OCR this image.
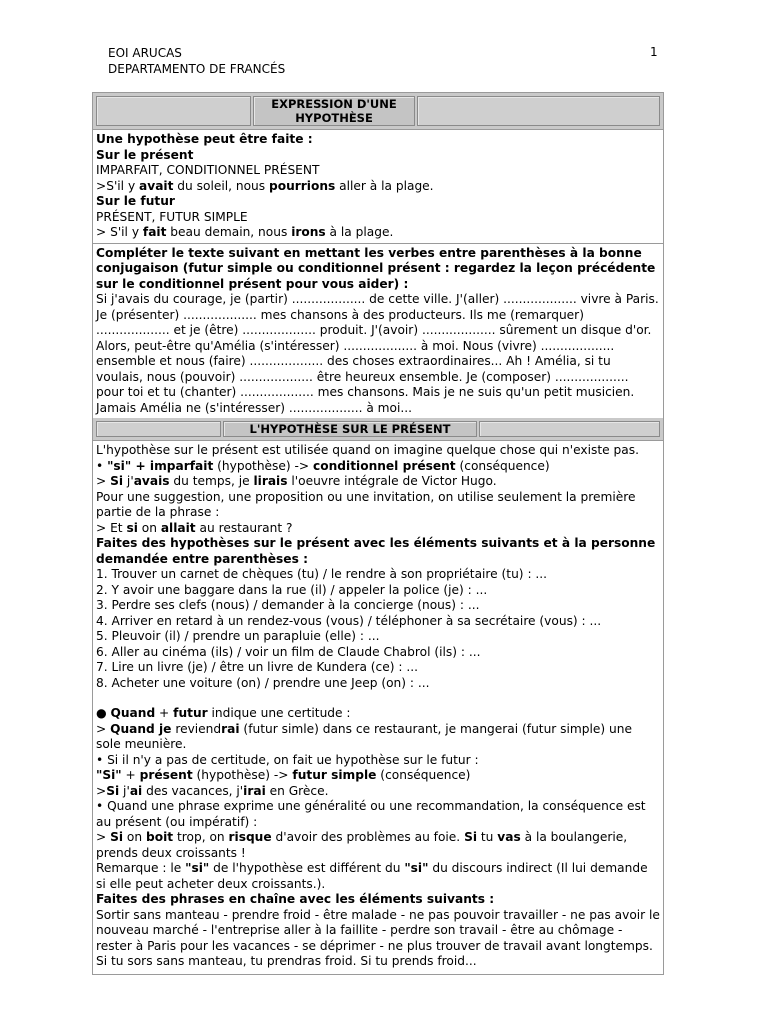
EOI ARUCAS
DEPARTAMENTO DE FRANCÉS
1
EXPRESSION D'UNE HYPOTHÈSE

Une hypothèse peut être faite :

Sur le présent

IMPARFAIT, CONDITIONNEL PRÉSENT

>S'il y avait du soleil, nous pourrions aller à la plage.

Sur le futur

PRÉSENT, FUTUR SIMPLE

> S'il y fait beau demain, nous irons à la plage.

Compléter le texte suivant en mettant les verbes entre parenthèses à la bonne conjugaison (futur simple ou conditionnel présent : regardez la leçon précédente sur le conditionnel présent pour vous aider) :

Si j'avais du courage, je (partir) ................... de cette ville. J'(aller) ................... vivre à Paris. Je (présenter) ................... mes chansons à des producteurs. Ils me (remarquer) ................... et je (être) ................... produit. J'(avoir) ................... sûrement un disque d'or. Alors, peut-être qu'Amélia (s'intéresser) ................... à moi. Nous (vivre) ................... ensemble et nous (faire) ................... des choses extraordinaires... Ah ! Amélia, si tu voulais, nous (pouvoir) ................... être heureux ensemble. Je (composer) ................... pour toi et tu (chanter) ................... mes chansons. Mais je ne suis qu'un petit musicien. Jamais Amélia ne (s'intéresser) ................... à moi...

L'HYPOTHÈSE SUR LE PRÉSENT

L'hypothèse sur le présent est utilisée quand on imagine quelque chose qui n'existe pas.

• "si" + imparfait (hypothèse) -> conditionnel présent (conséquence)

> Si j'avais du temps, je lirais l'oeuvre intégrale de Victor Hugo.

Pour une suggestion, une proposition ou une invitation, on utilise seulement la première partie de la phrase :

> Et si on allait au restaurant ?

Faites des hypothèses sur le présent avec les éléments suivants et à la personne demandée entre parenthèses :

1. Trouver un carnet de chèques (tu) / le rendre à son propriétaire (tu) : ...

2. Y avoir une baggare dans la rue (il) / appeler la police (je) : ...

3. Perdre ses clefs (nous) / demander à la concierge (nous) : ...

4. Arriver en retard à un rendez-vous (vous) / téléphoner à sa secrétaire (vous) : ...

5. Pleuvoir (il) / prendre un parapluie (elle) : ...

6. Aller au cinéma (ils) / voir un film de Claude Chabrol (ils) : ...

7. Lire un livre (je) / être un livre de Kundera (ce) : ...

8. Acheter une voiture (on) / prendre une Jeep (on) : ...

● Quand + futur indique une certitude :

> Quand je reviendrai (futur simle) dans ce restaurant, je mangerai (futur simple) une sole meunière.

• Si il n'y a pas de certitude, on fait ue hypothèse sur le futur :

"Si" + présent (hypothèse) -> futur simple (conséquence)

>Si j'ai des vacances, j'irai en Grèce.

• Quand une phrase exprime une généralité ou une recommandation, la conséquence est au présent (ou impératif) :

> Si on boit trop, on risque d'avoir des problèmes au foie. Si tu vas à la boulangerie, prends deux croissants !

Remarque : le "si" de l'hypothèse est différent du "si" du discours indirect (Il lui demande si elle peut acheter deux croissants.).

Faites des phrases en chaîne avec les éléments suivants :

Sortir sans manteau - prendre froid - être malade - ne pas pouvoir travailler - ne pas avoir le nouveau marché - l'entreprise aller à la faillite - perdre son travail - être au chômage - rester à Paris pour les vacances - se déprimer - ne plus trouver de travail avant longtemps.

Si tu sors sans manteau, tu prendras froid. Si tu prends froid...
